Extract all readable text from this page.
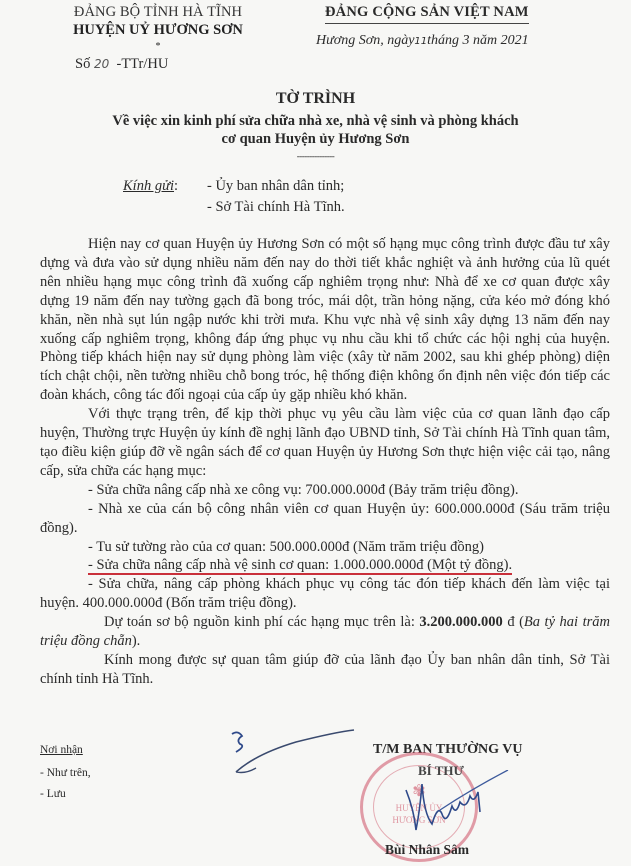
ĐẢNG BỘ TỈNH HÀ TĨNH
HUYỆN UỶ HƯƠNG SƠN
*
Số 20 -TTr/HU
ĐẢNG CỘNG SẢN VIỆT NAM
Hương Sơn, ngày11tháng 3 năm 2021
TỜ TRÌNH
Về việc xin kinh phí sửa chữa nhà xe, nhà vệ sinh và phòng khách
cơ quan Huyện ủy Hương Sơn
---------------
Kính gửi: - Ủy ban nhân dân tỉnh;
- Sở Tài chính Hà Tĩnh.

Hiện nay cơ quan Huyện ủy Hương Sơn có một số hạng mục công trình được đầu tư xây dựng và đưa vào sử dụng nhiều năm đến nay do thời tiết khắc nghiệt và ảnh hưởng của lũ quét nên nhiều hạng mục công trình đã xuống cấp nghiêm trọng như: Nhà để xe cơ quan được xây dựng 19 năm đến nay tường gạch đã bong tróc, mái dột, trần hỏng nặng, cửa kéo mở đóng khó khăn, nền nhà sụt lún ngập nước khi trời mưa. Khu vực nhà vệ sinh xây dựng 13 năm đến nay xuống cấp nghiêm trọng, không đáp ứng phục vụ nhu cầu khi tổ chức các hội nghị của huyện. Phòng tiếp khách hiện nay sử dụng phòng làm việc (xây từ năm 2002, sau khi ghép phòng) diện tích chật chội, nền tường nhiều chỗ bong tróc, hệ thống điện không ổn định nên việc đón tiếp các đoàn khách, công tác đối ngoại của cấp ủy gặp nhiều khó khăn.

Với thực trạng trên, để kịp thời phục vụ yêu cầu làm việc của cơ quan lãnh đạo cấp huyện, Thường trực Huyện ủy kính đề nghị lãnh đạo UBND tỉnh, Sở Tài chính Hà Tĩnh quan tâm, tạo điều kiện giúp đỡ về ngân sách để cơ quan Huyện ủy Hương Sơn thực hiện việc cải tạo, nâng cấp, sửa chữa các hạng mục:

- Sửa chữa nâng cấp nhà xe công vụ: 700.000.000đ (Bảy trăm triệu đồng).

- Nhà xe của cán bộ công nhân viên cơ quan Huyện ủy: 600.000.000đ (Sáu trăm triệu đồng).

- Tu sử tường rào của cơ quan: 500.000.000đ (Năm trăm triệu đồng)

- Sửa chữa nâng cấp nhà vệ sinh cơ quan: 1.000.000.000đ (Một tỷ đồng).

- Sửa chữa, nâng cấp phòng khách phục vụ công tác đón tiếp khách đến làm việc tại huyện. 400.000.000đ (Bốn trăm triệu đồng).

Dự toán sơ bộ nguồn kinh phí các hạng mục trên là: 3.200.000.000 đ (Ba tỷ hai trăm triệu đồng chẵn).

Kính mong được sự quan tâm giúp đỡ của lãnh đạo Ủy ban nhân dân tỉnh, Sở Tài chính tỉnh Hà Tĩnh.

Nơi nhận
- Như trên,
- Lưu
T/M BAN THƯỜNG VỤ
✾
HUYỆN ỦY
HƯƠNG SƠN
BÍ THƯ
Bùi Nhân Sâm
